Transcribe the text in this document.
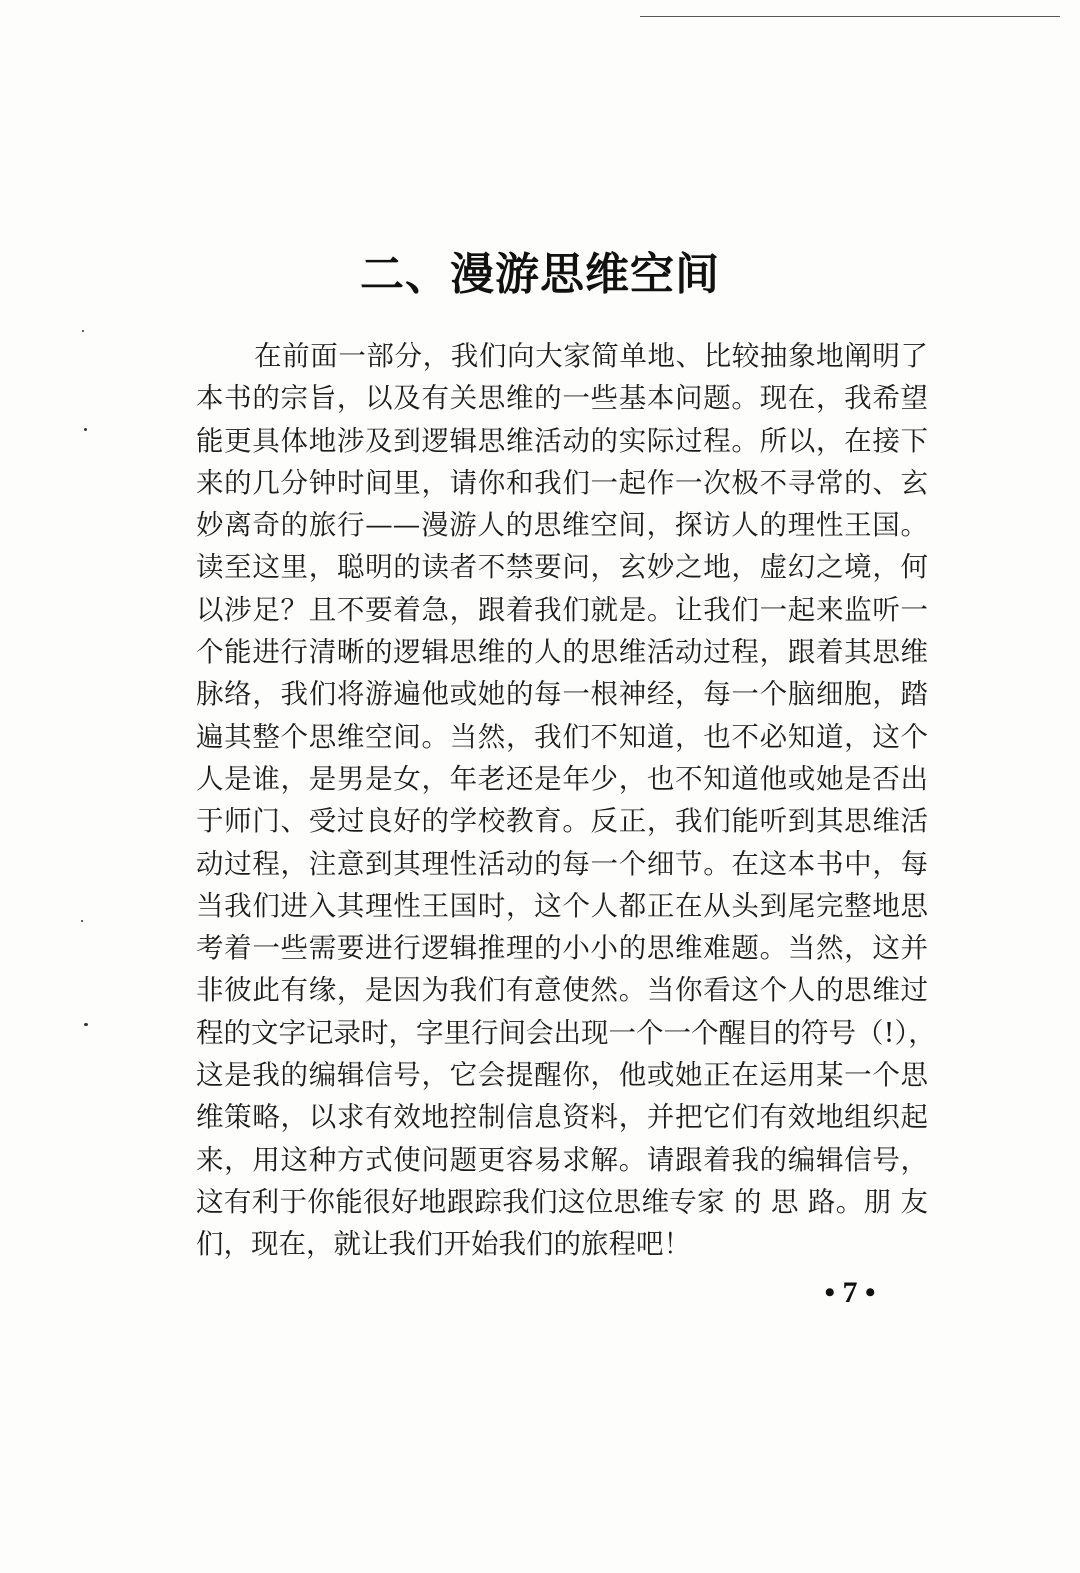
二、漫游思维空间
在前面一部分，我们向大家简单地、比较抽象地阐明了
本书的宗旨，以及有关思维的一些基本问题。现在，我希望
能更具体地涉及到逻辑思维活动的实际过程。所以，在接下
来的几分钟时间里，请你和我们一起作一次极不寻常的、玄
妙离奇的旅行——漫游人的思维空间，探访人的理性王国。
读至这里，聪明的读者不禁要问，玄妙之地，虚幻之境，何
以涉足？且不要着急，跟着我们就是。让我们一起来监听一
个能进行清晰的逻辑思维的人的思维活动过程，跟着其思维
脉络，我们将游遍他或她的每一根神经，每一个脑细胞，踏
遍其整个思维空间。当然，我们不知道，也不必知道，这个
人是谁，是男是女，年老还是年少，也不知道他或她是否出
于师门、受过良好的学校教育。反正，我们能听到其思维活
动过程，注意到其理性活动的每一个细节。在这本书中，每
当我们进入其理性王国时，这个人都正在从头到尾完整地思
考着一些需要进行逻辑推理的小小的思维难题。当然，这并
非彼此有缘，是因为我们有意使然。当你看这个人的思维过
程的文字记录时，字里行间会出现一个一个醒目的符号（!），
这是我的编辑信号，它会提醒你，他或她正在运用某一个思
维策略，以求有效地控制信息资料，并把它们有效地组织起
来，用这种方式使问题更容易求解。请跟着我的编辑信号，
这有利于你能很好地跟踪我们这位思维专家 的 思 路。朋 友
们，现在，就让我们开始我们的旅程吧！
• 7 •
